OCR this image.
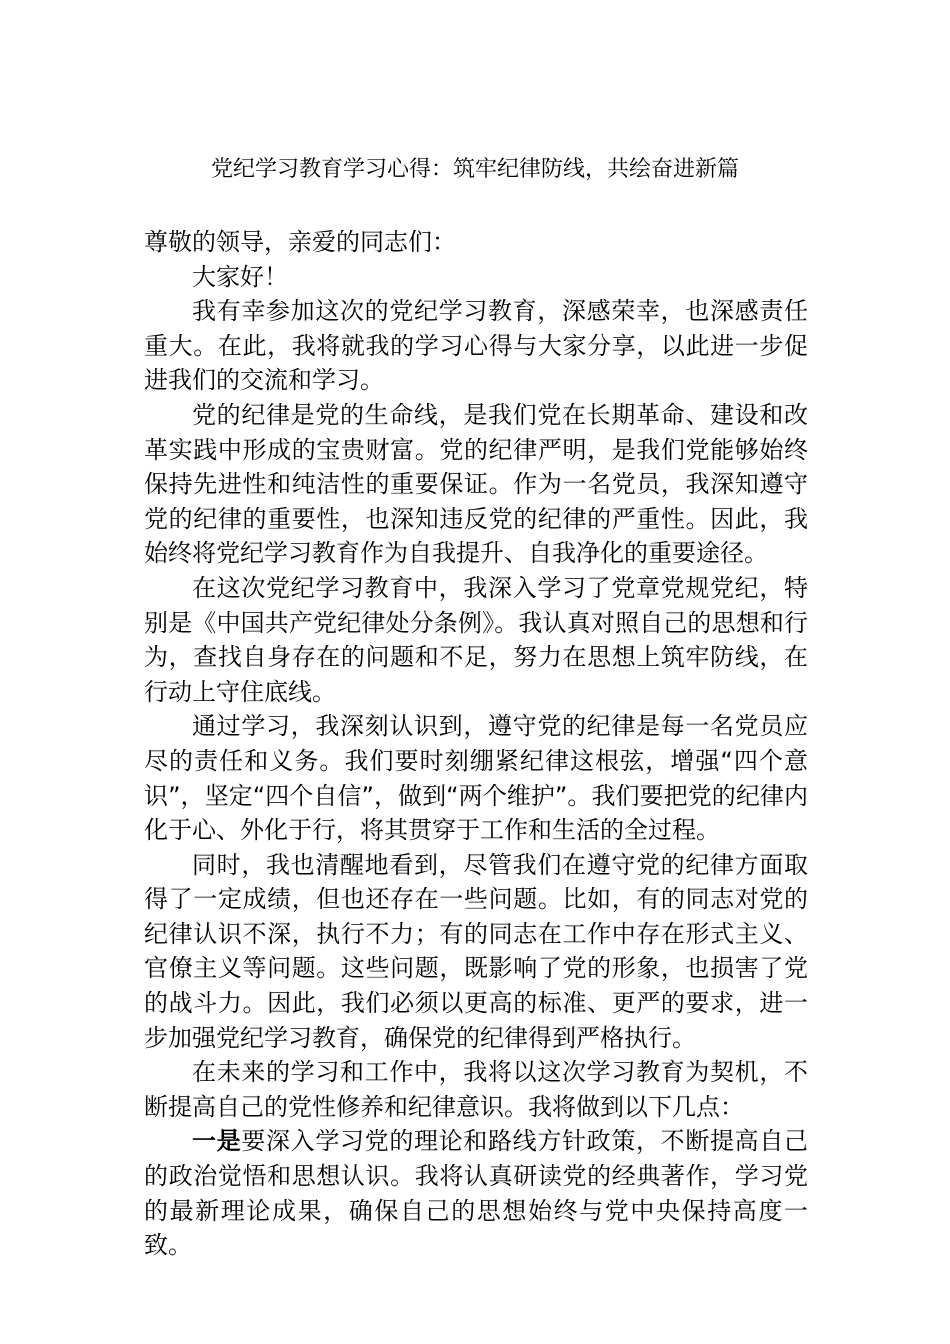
党纪学习教育学习心得：筑牢纪律防线，共绘奋进新篇

尊敬的领导，亲爱的同志们：

大家好！

我有幸参加这次的党纪学习教育，深感荣幸，也深感责任重大。在此，我将就我的学习心得与大家分享，以此进一步促进我们的交流和学习。

党的纪律是党的生命线，是我们党在长期革命、建设和改革实践中形成的宝贵财富。党的纪律严明，是我们党能够始终保持先进性和纯洁性的重要保证。作为一名党员，我深知遵守党的纪律的重要性，也深知违反党的纪律的严重性。因此，我始终将党纪学习教育作为自我提升、自我净化的重要途径。

在这次党纪学习教育中，我深入学习了党章党规党纪，特别是《中国共产党纪律处分条例》。我认真对照自己的思想和行为，查找自身存在的问题和不足，努力在思想上筑牢防线，在行动上守住底线。

通过学习，我深刻认识到，遵守党的纪律是每一名党员应尽的责任和义务。我们要时刻绷紧纪律这根弦，增强“四个意识”，坚定“四个自信”，做到“两个维护”。我们要把党的纪律内化于心、外化于行，将其贯穿于工作和生活的全过程。

同时，我也清醒地看到，尽管我们在遵守党的纪律方面取得了一定成绩，但也还存在一些问题。比如，有的同志对党的纪律认识不深，执行不力；有的同志在工作中存在形式主义、官僚主义等问题。这些问题，既影响了党的形象，也损害了党的战斗力。因此，我们必须以更高的标准、更严的要求，进一步加强党纪学习教育，确保党的纪律得到严格执行。

在未来的学习和工作中，我将以这次学习教育为契机，不断提高自己的党性修养和纪律意识。我将做到以下几点：

一是要深入学习党的理论和路线方针政策，不断提高自己的政治觉悟和思想认识。我将认真研读党的经典著作，学习党的最新理论成果，确保自己的思想始终与党中央保持高度一致。
